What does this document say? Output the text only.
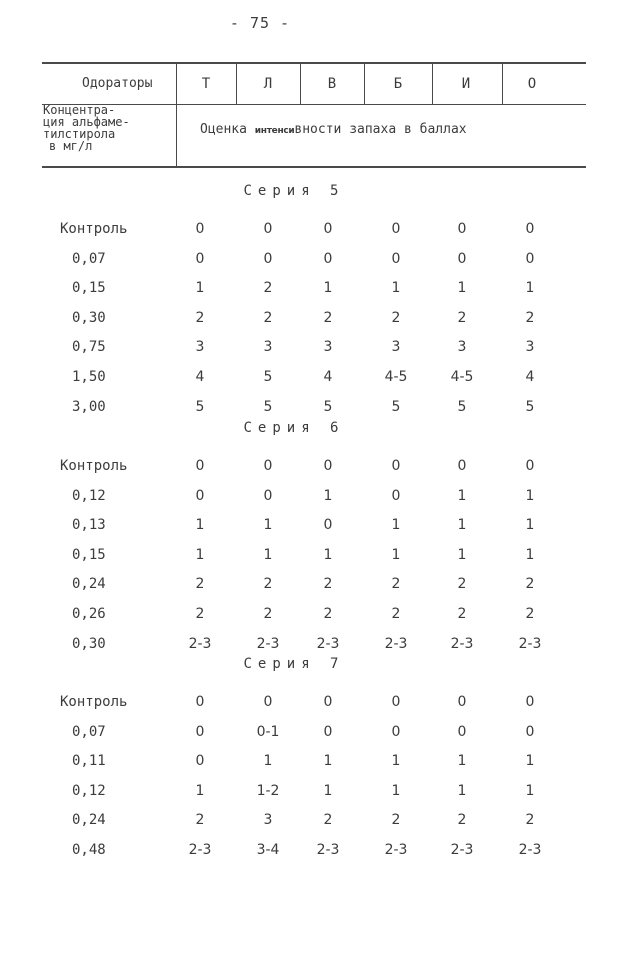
- 75 -
Одораторы	Т	Л	В	Б	И	О
Концентра-
ция альфаме-
тилстирола
в мг/л
Оценка интенсивности запаха в баллах
Серия 5
Контроль	0	0	0	0	0	0
0,07	0	0	0	0	0	0
0,15	1	2	1	1	1	1
0,30	2	2	2	2	2	2
0,75	3	3	3	3	3	3
1,50	4	5	4	4-5	4-5	4
3,00	5	5	5	5	5	5
Серия 6
Контроль	0	0	0	0	0	0
0,12	0	0	1	0	1	1
0,13	1	1	0	1	1	1
0,15	1	1	1	1	1	1
0,24	2	2	2	2	2	2
0,26	2	2	2	2	2	2
0,30	2-3	2-3	2-3	2-3	2-3	2-3
Серия 7
Контроль	0	0	0	0	0	0
0,07	0	0-1	0	0	0	0
0,11	0	1	1	1	1	1
0,12	1	1-2	1	1	1	1
0,24	2	3	2	2	2	2
0,48	2-3	3-4	2-3	2-3	2-3	2-3
